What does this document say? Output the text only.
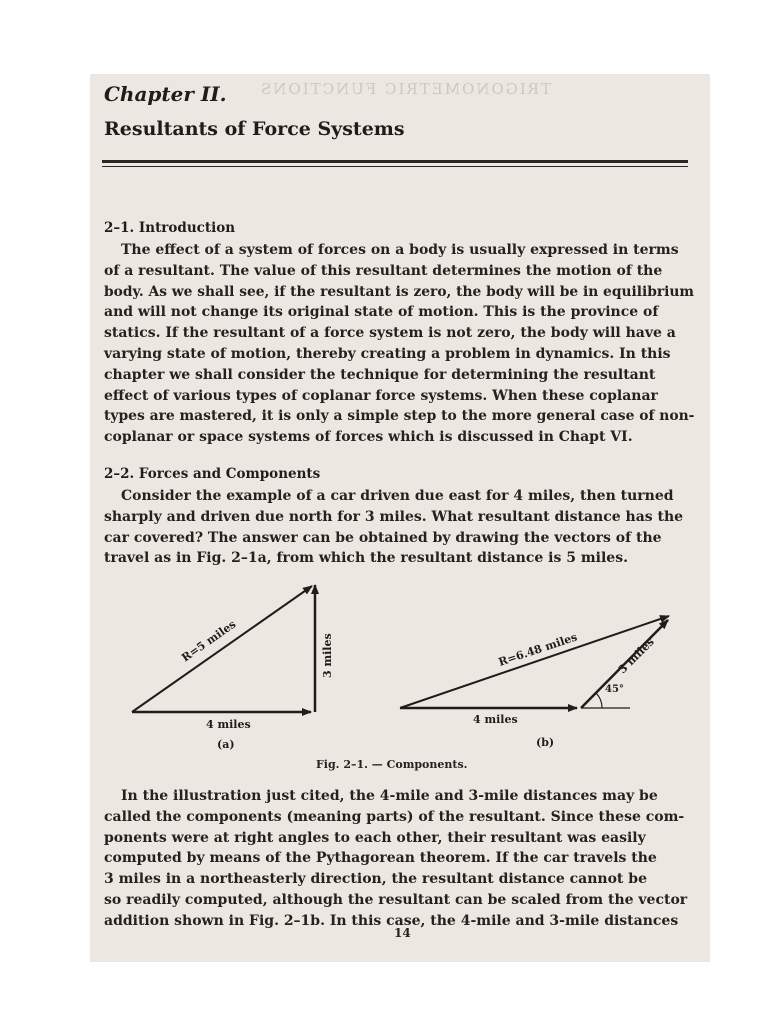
TRIGONOMETRIC FUNCTIONS
Chapter II.
Resultants of Force Systems
2–1. Introduction
The effect of a system of forces on a body is usually expressed in terms
of a resultant. The value of this resultant determines the motion of the
body. As we shall see, if the resultant is zero, the body will be in equilibrium
and will not change its original state of motion. This is the province of
statics. If the resultant of a force system is not zero, the body will have a
varying state of motion, thereby creating a problem in dynamics. In this
chapter we shall consider the technique for determining the resultant
effect of various types of coplanar force systems. When these coplanar
types are mastered, it is only a simple step to the more general case of non-
coplanar or space systems of forces which is discussed in Chapt VI.
2–2. Forces and Components
Consider the example of a car driven due east for 4 miles, then turned
sharply and driven due north for 3 miles. What resultant distance has the
car covered? The answer can be obtained by drawing the vectors of the
travel as in Fig. 2–1a, from which the resultant distance is 5 miles.
R=5 miles	3 miles
4 miles
(a)
45°
R=6.48 miles	3 miles
4 miles
(b)

Fig. 2–1. — Components.

In the illustration just cited, the 4-mile and 3-mile distances may be
called the components (meaning parts) of the resultant. Since these com-
ponents were at right angles to each other, their resultant was easily
computed by means of the Pythagorean theorem. If the car travels the
3 miles in a northeasterly direction, the resultant distance cannot be
so readily computed, although the resultant can be scaled from the vector
addition shown in Fig. 2–1b. In this case, the 4-mile and 3-mile distances

14
